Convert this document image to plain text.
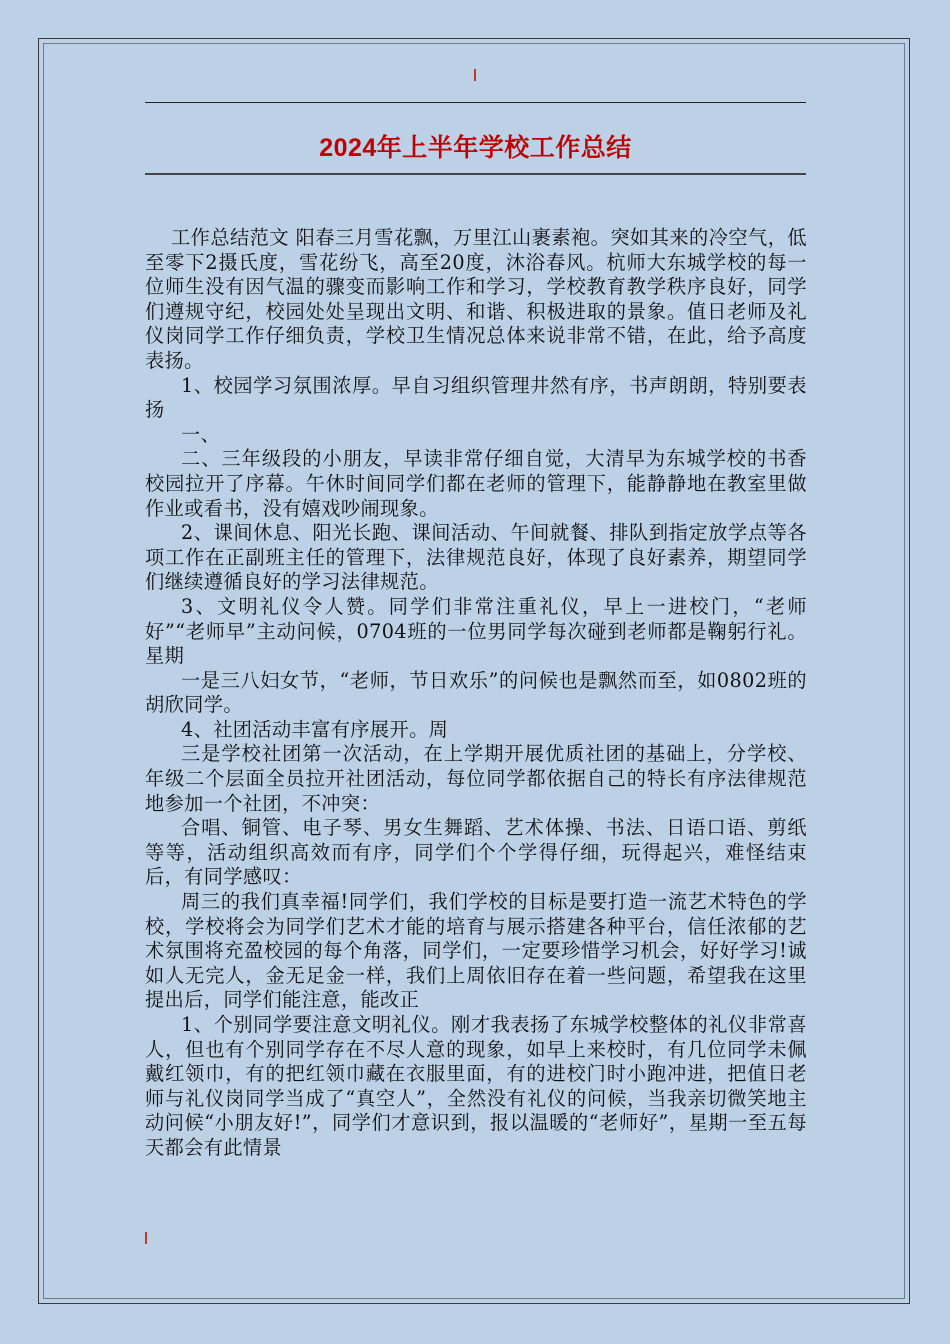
2024年上半年学校工作总结

工作总结范文 阳春三月雪花飘，万里江山裹素袍。突如其来的冷空气，低至零下2摄氏度，雪花纷飞，高至20度，沐浴春风。杭师大东城学校的每一位师生没有因气温的骤变而影响工作和学习，学校教育教学秩序良好，同学们遵规守纪，校园处处呈现出文明、和谐、积极进取的景象。值日老师及礼仪岗同学工作仔细负责，学校卫生情况总体来说非常不错，在此，给予高度表扬。

1、校园学习氛围浓厚。早自习组织管理井然有序，书声朗朗，特别要表扬

一、

二、三年级段的小朋友，早读非常仔细自觉，大清早为东城学校的书香校园拉开了序幕。午休时间同学们都在老师的管理下，能静静地在教室里做作业或看书，没有嬉戏吵闹现象。

2、课间休息、阳光长跑、课间活动、午间就餐、排队到指定放学点等各项工作在正副班主任的管理下，法律规范良好，体现了良好素养，期望同学们继续遵循良好的学习法律规范。

3、文明礼仪令人赞。同学们非常注重礼仪，早上一进校门，“老师好”“老师早”主动问候，0704班的一位男同学每次碰到老师都是鞠躬行礼。星期

一是三八妇女节，“老师，节日欢乐”的问候也是飘然而至，如0802班的胡欣同学。

4、社团活动丰富有序展开。周

三是学校社团第一次活动，在上学期开展优质社团的基础上，分学校、年级二个层面全员拉开社团活动，每位同学都依据自己的特长有序法律规范地参加一个社团，不冲突：

合唱、铜管、电子琴、男女生舞蹈、艺术体操、书法、日语口语、剪纸等等，活动组织高效而有序，同学们个个学得仔细，玩得起兴，难怪结束后，有同学感叹：

周三的我们真幸福!同学们，我们学校的目标是要打造一流艺术特色的学校，学校将会为同学们艺术才能的培育与展示搭建各种平台，信任浓郁的艺术氛围将充盈校园的每个角落，同学们，一定要珍惜学习机会，好好学习!诚如人无完人，金无足金一样，我们上周依旧存在着一些问题，希望我在这里提出后，同学们能注意，能改正

1、个别同学要注意文明礼仪。刚才我表扬了东城学校整体的礼仪非常喜人，但也有个别同学存在不尽人意的现象，如早上来校时，有几位同学未佩戴红领巾，有的把红领巾藏在衣服里面，有的进校门时小跑冲进，把值日老师与礼仪岗同学当成了“真空人”，全然没有礼仪的问候，当我亲切微笑地主动问候“小朋友好!”，同学们才意识到，报以温暖的“老师好”，星期一至五每天都会有此情景
